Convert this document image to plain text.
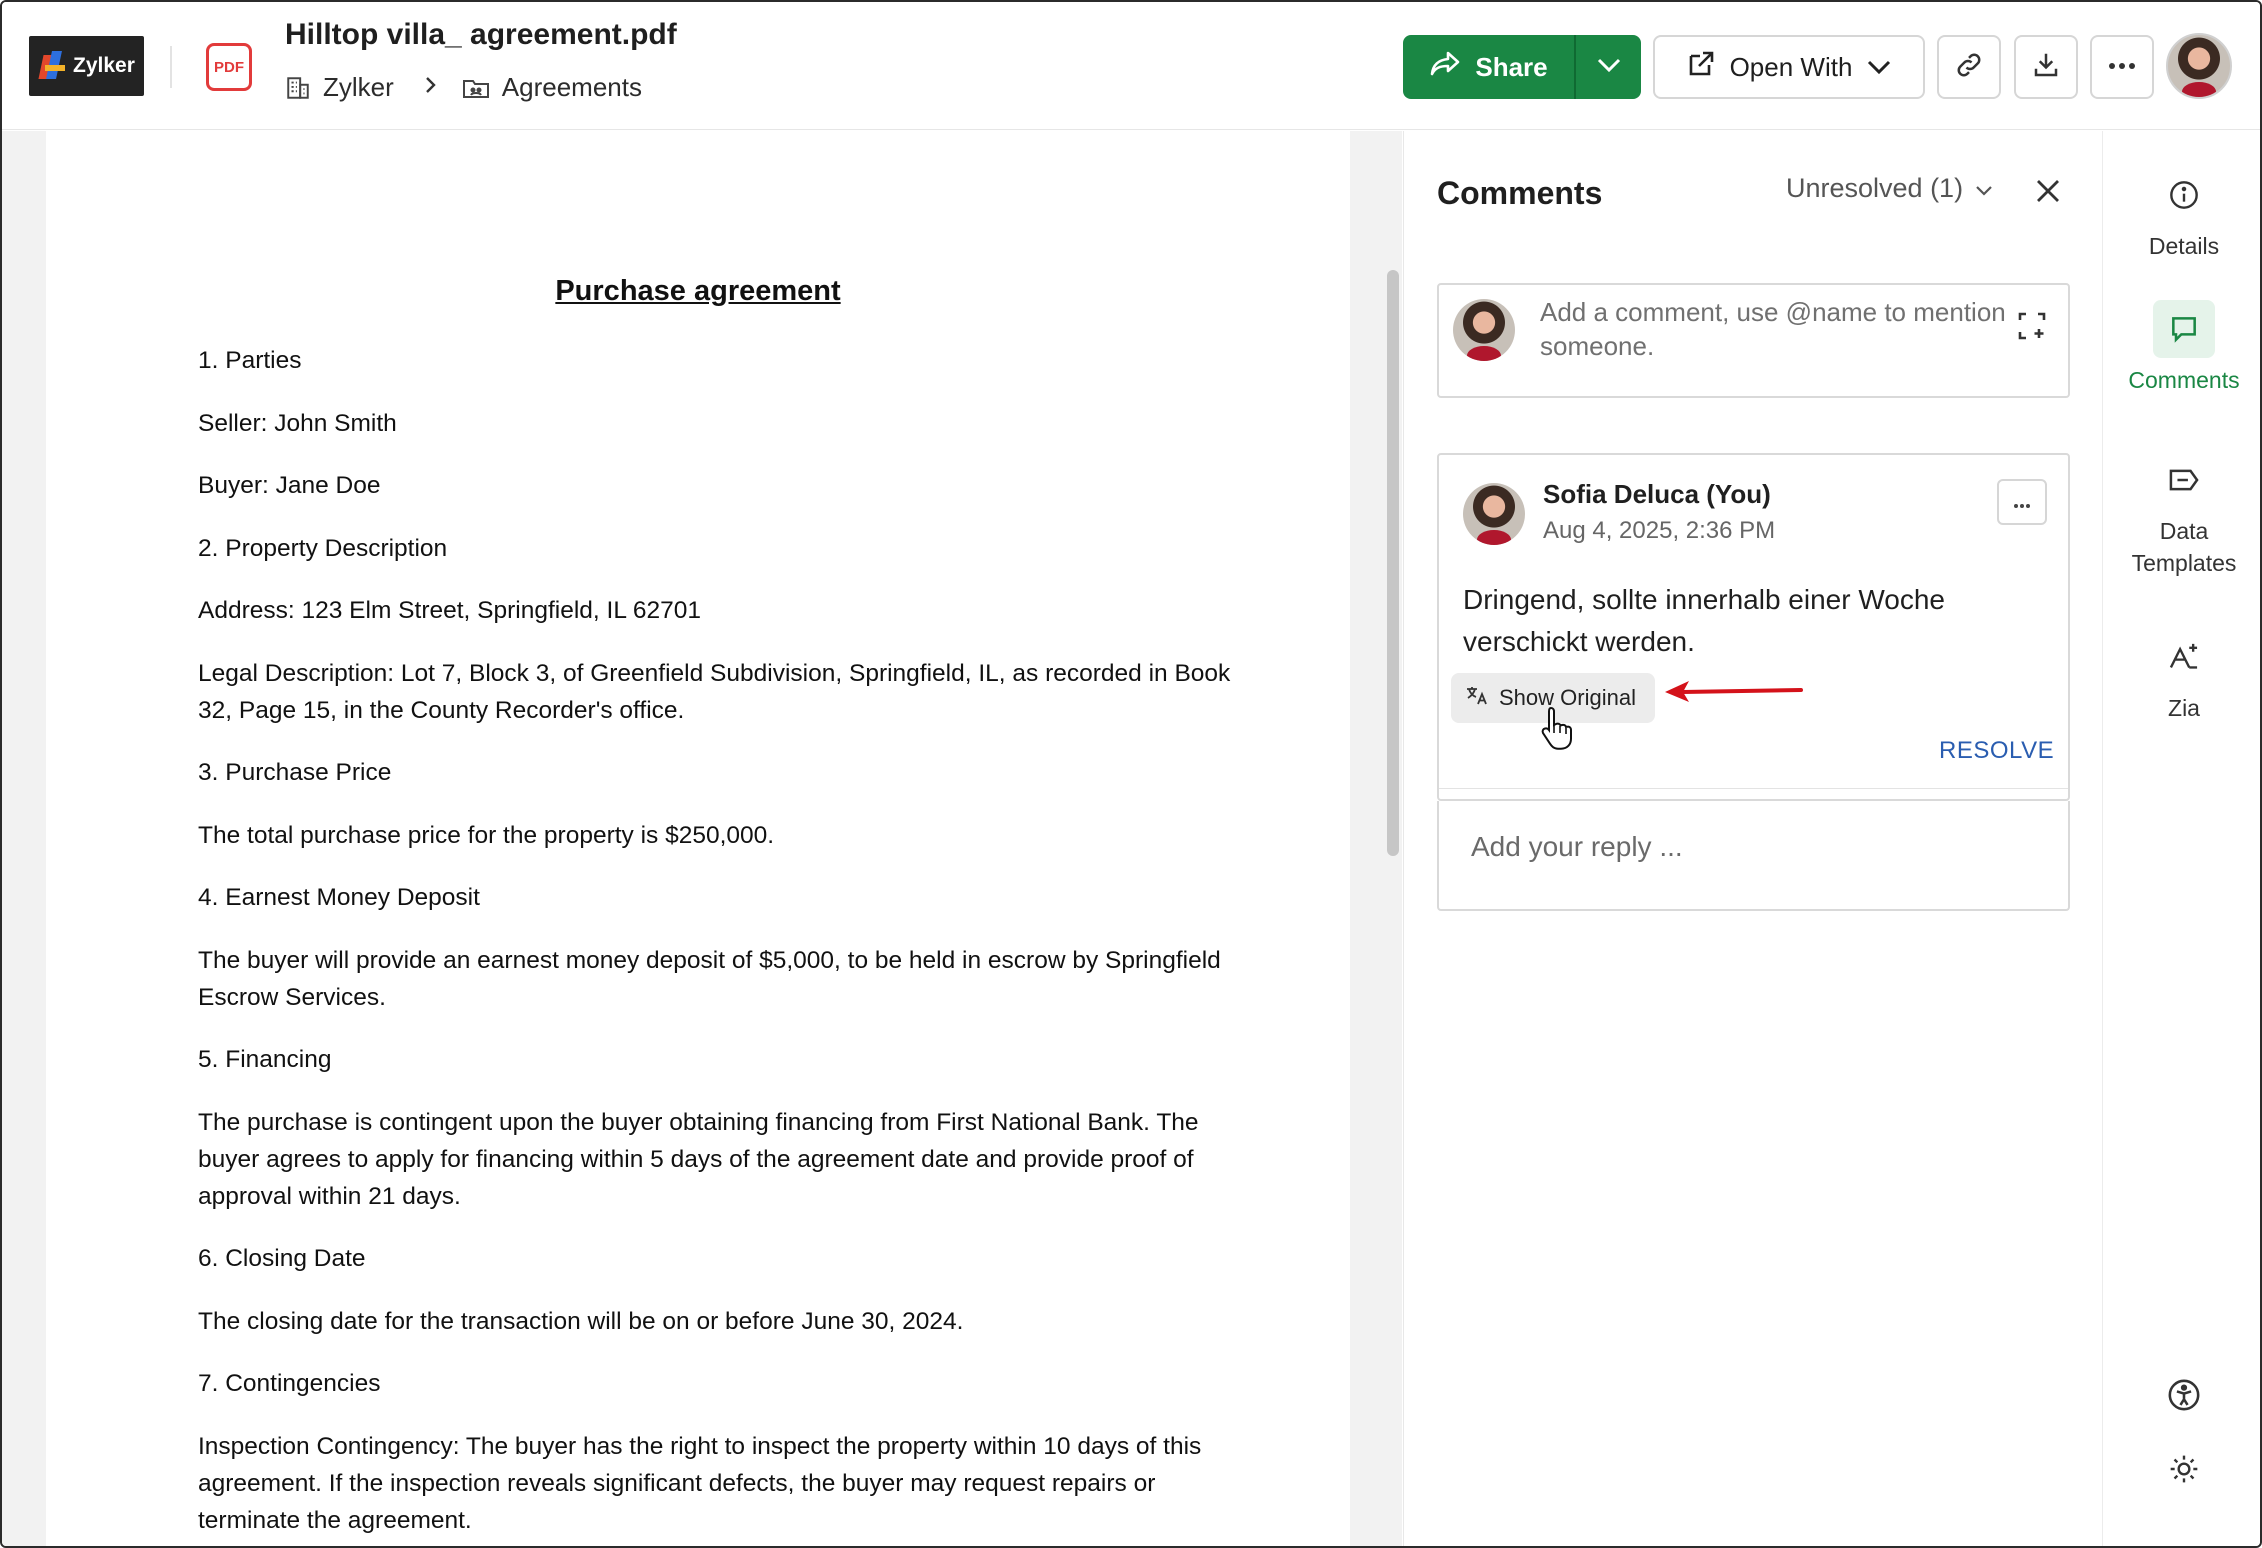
Zylker	PDF
Hilltop villa_ agreement.pdf
Zylker	Agreements
Share	Open With
Purchase agreement

1. Parties

Seller: John Smith

Buyer: Jane Doe

2. Property Description

Address: 123 Elm Street, Springfield, IL 62701

Legal Description: Lot 7, Block 3, of Greenfield Subdivision, Springfield, IL, as recorded in Book 32, Page 15, in the County Recorder's office.

3. Purchase Price

The total purchase price for the property is $250,000.

4. Earnest Money Deposit

The buyer will provide an earnest money deposit of $5,000, to be held in escrow by Springfield Escrow Services.

5. Financing

The purchase is contingent upon the buyer obtaining financing from First National Bank. The buyer agrees to apply for financing within 5 days of the agreement date and provide proof of approval within 21 days.

6. Closing Date

The closing date for the transaction will be on or before June 30, 2024.

7. Contingencies

Inspection Contingency: The buyer has the right to inspect the property within 10 days of this agreement. If the inspection reveals significant defects, the buyer may request repairs or terminate the agreement.

Comments	Unresolved (1)
Add a comment, use @name to mention someone.
Sofia Deluca (You)
Aug 4, 2025, 2:36 PM
Dringend, sollte innerhalb einer Woche verschickt werden.
Show Original
RESOLVE
Add your reply ...
Details
Comments
Data
Templates
Zia
